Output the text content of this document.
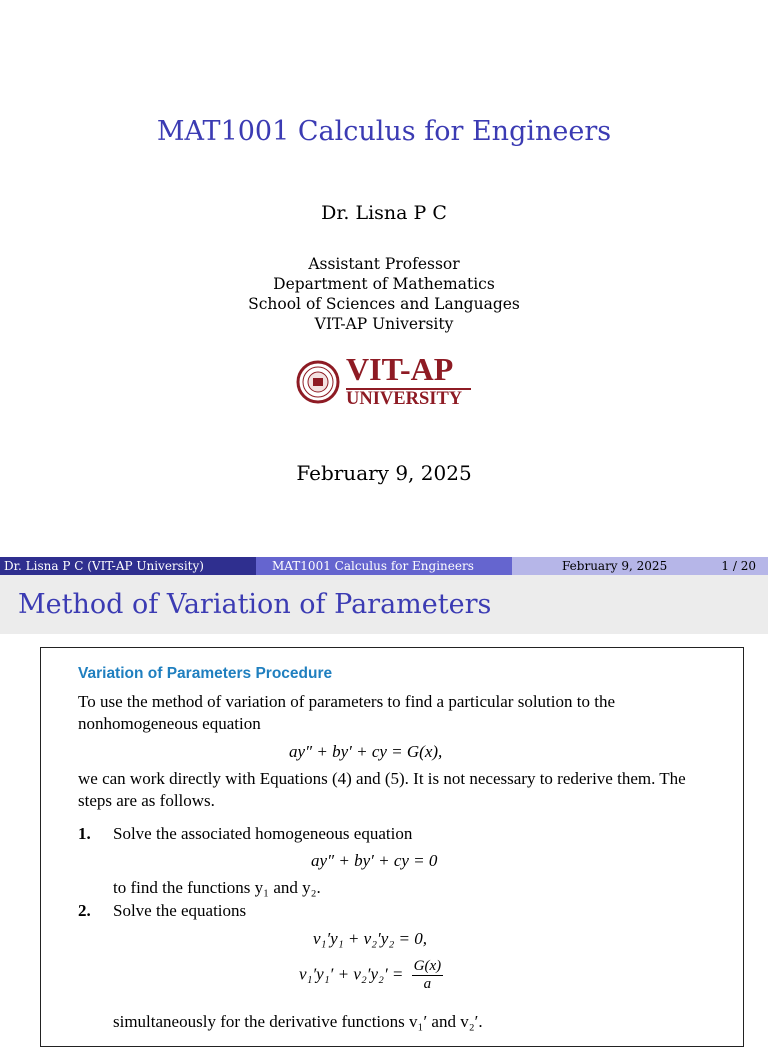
MAT1001 Calculus for Engineers
Dr. Lisna P C
Assistant Professor
Department of Mathematics
School of Sciences and Languages
VIT-AP University
VIT-AP
UNIVERSITY
February 9, 2025
Dr. Lisna P C (VIT-AP University)	MAT1001 Calculus for Engineers	February 9, 2025	1 / 20
Method of Variation of Parameters
Variation of Parameters Procedure
To use the method of variation of parameters to find a particular solution to the nonhomogeneous equation
ay″ + by′ + cy = G(x),
we can work directly with Equations (4) and (5). It is not necessary to rederive them. The steps are as follows.
1. Solve the associated homogeneous equation
ay″ + by′ + cy = 0
to find the functions y₁ and y₂.
2. Solve the equations
v₁′y₁ + v₂′y₂ = 0,
$v_1'y_1' + v_2'y_2' = \frac{G(x)}{a}$
simultaneously for the derivative functions v₁′ and v₂′.
